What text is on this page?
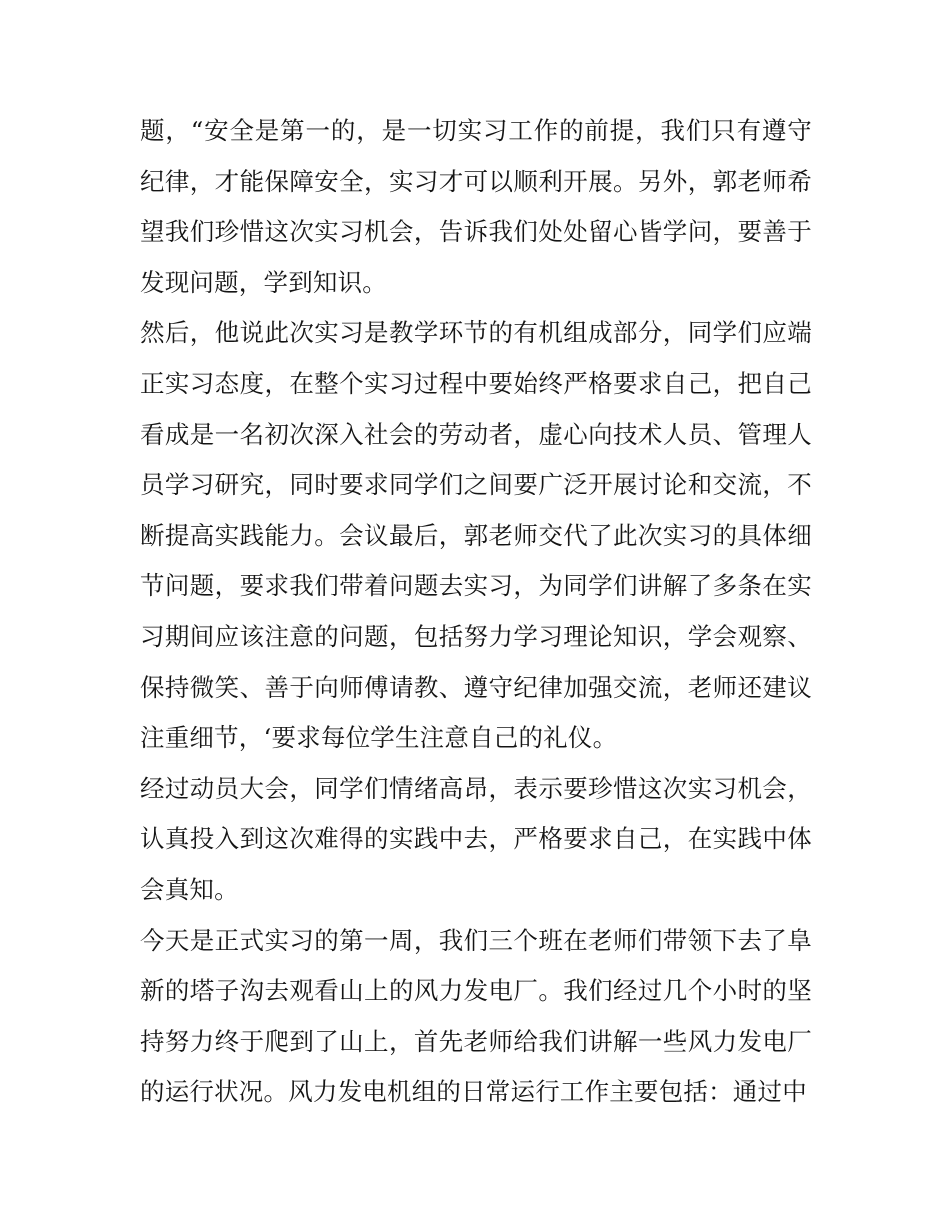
题，“安全是第一的，是一切实习工作的前提，我们只有遵守纪律，才能保障安全，实习才可以顺利开展。另外，郭老师希望我们珍惜这次实习机会，告诉我们处处留心皆学问，要善于发现问题，学到知识。

然后，他说此次实习是教学环节的有机组成部分，同学们应端正实习态度，在整个实习过程中要始终严格要求自己，把自己看成是一名初次深入社会的劳动者，虚心向技术人员、管理人员学习研究，同时要求同学们之间要广泛开展讨论和交流，不断提高实践能力。会议最后，郭老师交代了此次实习的具体细节问题，要求我们带着问题去实习，为同学们讲解了多条在实习期间应该注意的问题，包括努力学习理论知识，学会观察、保持微笑、善于向师傅请教、遵守纪律加强交流，老师还建议注重细节，‘要求每位学生注意自己的礼仪。

经过动员大会，同学们情绪高昂，表示要珍惜这次实习机会，认真投入到这次难得的实践中去，严格要求自己，在实践中体会真知。

今天是正式实习的第一周，我们三个班在老师们带领下去了阜新的塔子沟去观看山上的风力发电厂。我们经过几个小时的坚持努力终于爬到了山上，首先老师给我们讲解一些风力发电厂的运行状况。风力发电机组的日常运行工作主要包括：通过中
